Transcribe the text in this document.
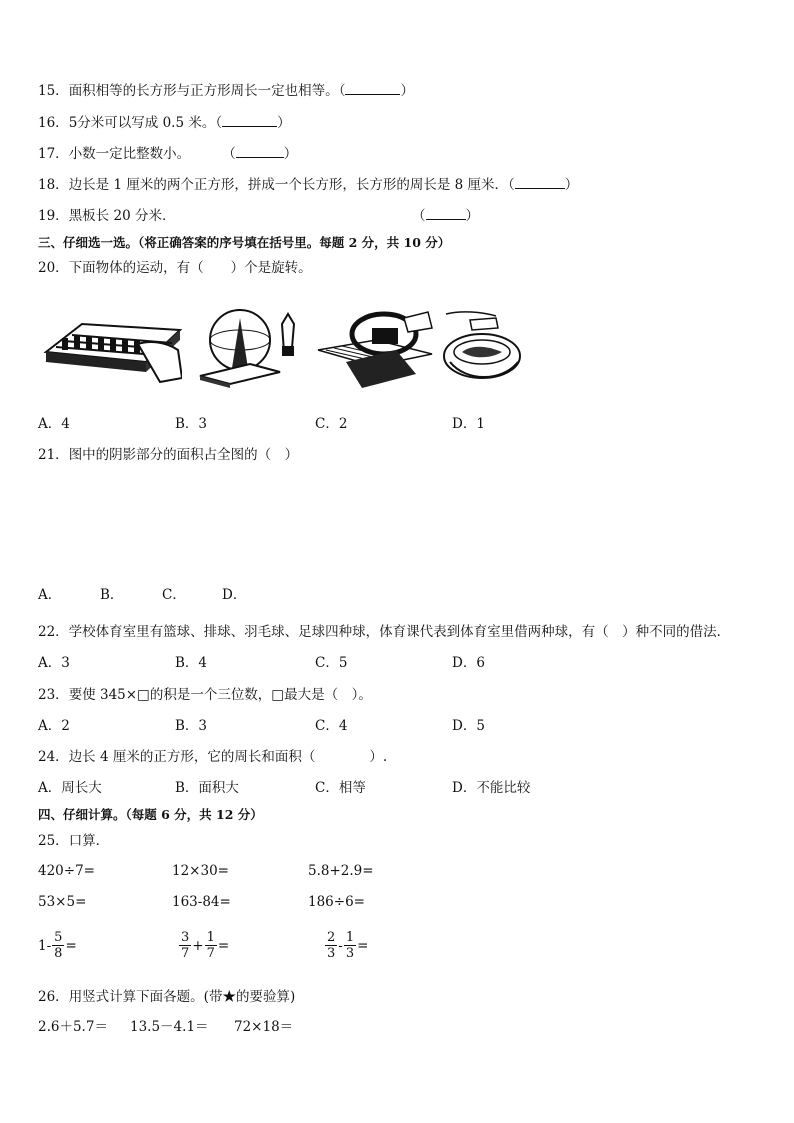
15．面积相等的长方形与正方形周长一定也相等。（	）
16．5分米可以写成 0.5 米。（	）
17．小数一定比整数小。 （	）
18．边长是 1 厘米的两个正方形，拼成一个长方形，长方形的周长是 8 厘米．（	）
19．黑板长 20 分米．	（	）
三、仔细选一选。（将正确答案的序号填在括号里。每题 2 分，共 10 分）
20．下面物体的运动，有（　　）个是旋转。
A．4	B．3	C．2	D．1
21．图中的阴影部分的面积占全图的（　）
A．	B．	C．	D．
22．学校体育室里有篮球、排球、羽毛球、足球四种球，体育课代表到体育室里借两种球，有（　）种不同的借法．
A．3	B．4	C．5	D．6
23．要使 345×□的积是一个三位数，□最大是（　）。
A．2	B．3	C．4	D．5
24．边长 4 厘米的正方形，它的周长和面积（　　　　）.
A．周长大	B．面积大	C．相等	D．不能比较
四、仔细计算。（每题 6 分，共 12 分）
25．口算．
420÷7=	12×30=	5.8+2.9=
53×5=	163-84=	186÷6=
$1- \frac{5}{8}$ =	$\frac{3}{7} + \frac{1}{7}$ =	$\frac{2}{3} - \frac{1}{3}$ =
26．用竖式计算下面各题。(带★的要验算)
2.6＋5.7＝ 13.5－4.1＝ 72×18＝
